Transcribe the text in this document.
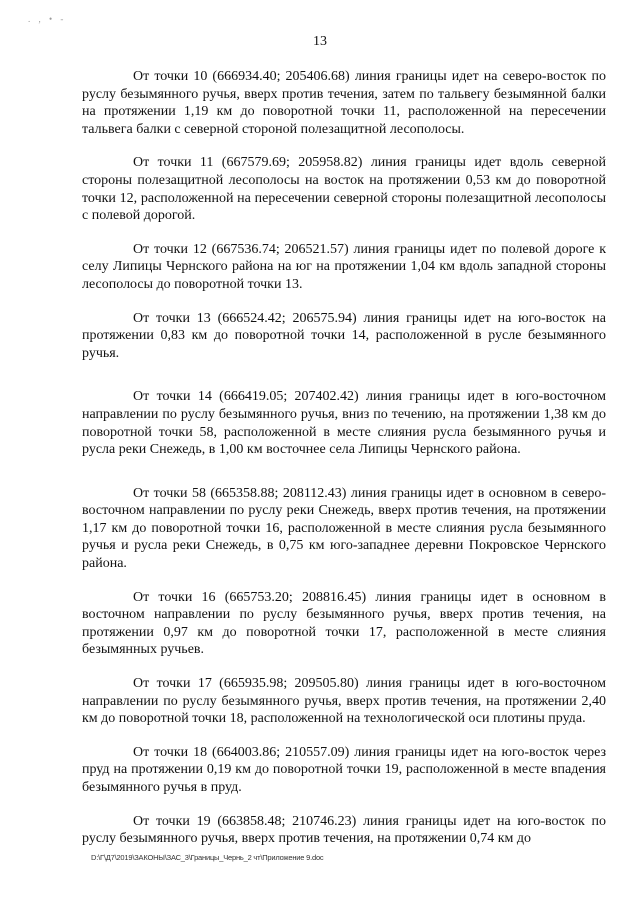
. , • -
13

От точки 10 (666934.40; 205406.68) линия границы идет на северо-восток по руслу безымянного ручья, вверх против течения, затем по тальвегу безымянной балки на протяжении 1,19 км до поворотной точки 11, расположенной на пересечении тальвега балки с северной стороной полезащитной лесополосы.

От точки 11 (667579.69; 205958.82) линия границы идет вдоль северной стороны полезащитной лесополосы на восток на протяжении 0,53 км до поворотной точки 12, расположенной на пересечении северной стороны полезащитной лесополосы с полевой дорогой.

От точки 12 (667536.74; 206521.57) линия границы идет по полевой дороге к селу Липицы Чернского района на юг на протяжении 1,04 км вдоль западной стороны лесополосы до поворотной точки 13.

От точки 13 (666524.42; 206575.94) линия границы идет на юго-восток на протяжении 0,83 км до поворотной точки 14, расположенной в русле безымянного ручья.

От точки 14 (666419.05; 207402.42) линия границы идет в юго-восточном направлении по руслу безымянного ручья, вниз по течению, на протяжении 1,38 км до поворотной точки 58, расположенной в месте слияния русла безымянного ручья и русла реки Снежедь, в 1,00 км восточнее села Липицы Чернского района.

От точки 58 (665358.88; 208112.43) линия границы идет в основном в северо-восточном направлении по руслу реки Снежедь, вверх против течения, на протяжении 1,17 км до поворотной точки 16, расположенной в месте слияния русла безымянного ручья и русла реки Снежедь, в 0,75 км юго-западнее деревни Покровское Чернского района.

От точки 16 (665753.20; 208816.45) линия границы идет в основном в восточном направлении по руслу безымянного ручья, вверх против течения, на протяжении 0,97 км до поворотной точки 17, расположенной в месте слияния безымянных ручьев.

От точки 17 (665935.98; 209505.80) линия границы идет в юго-восточном направлении по руслу безымянного ручья, вверх против течения, на протяжении 2,40 км до поворотной точки 18, расположенной на технологической оси плотины пруда.

От точки 18 (664003.86; 210557.09) линия границы идет на юго-восток через пруд на протяжении 0,19 км до поворотной точки 19, расположенной в месте впадения безымянного ручья в пруд.

От точки 19 (663858.48; 210746.23) линия границы идет на юго-восток по руслу безымянного ручья, вверх против течения, на протяжении 0,74 км до

D:\Г\Д7\2019\ЗАКОНЫ\ЗАС_3\Границы_Чернь_2 чт\Приложение 9.doc
